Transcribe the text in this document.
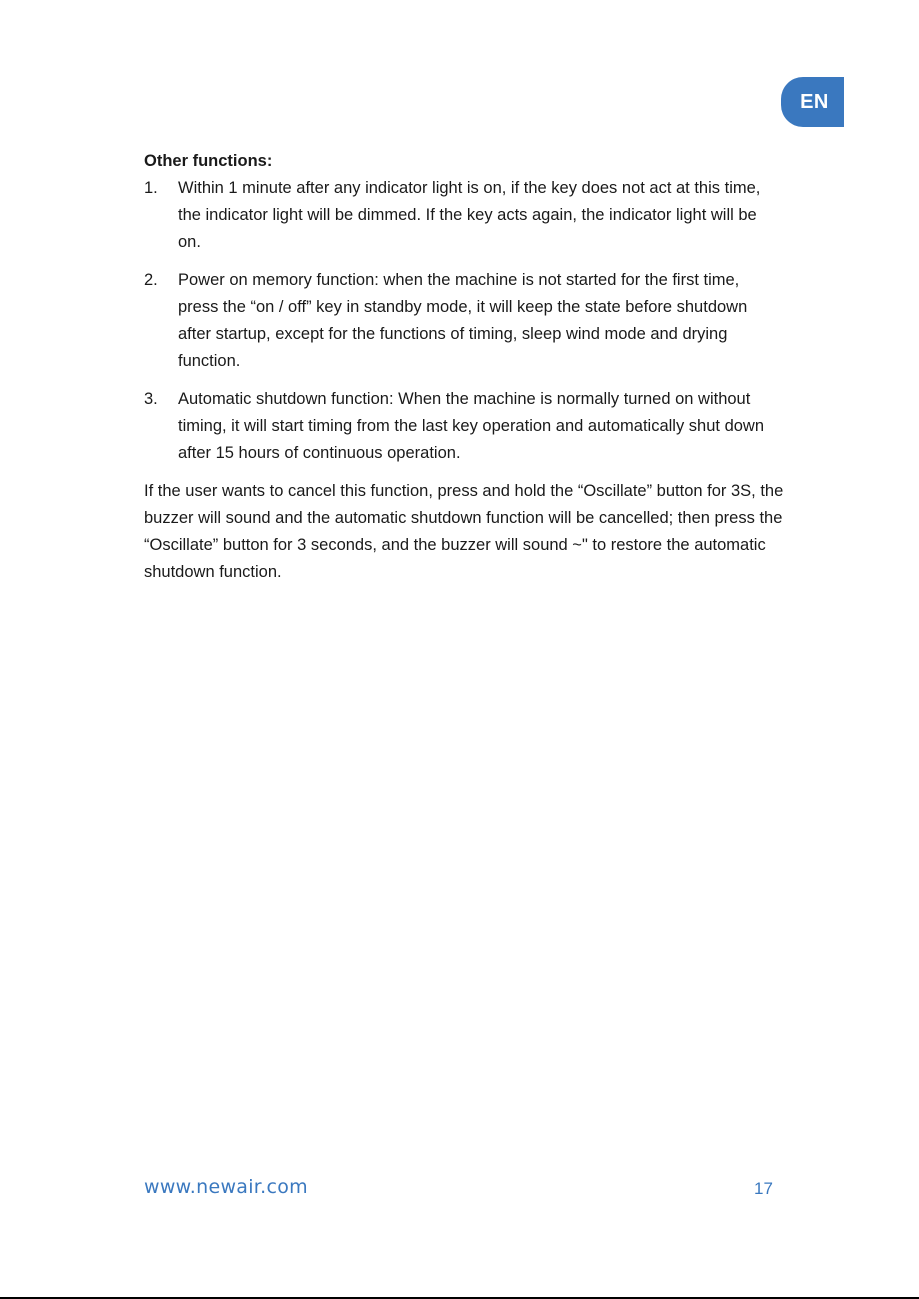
EN
Other functions:
1. Within 1 minute after any indicator light is on, if the key does not act at this time, the indicator light will be dimmed. If the key acts again, the indicator light will be on.
2. Power on memory function: when the machine is not started for the first time, press the “on / off” key in standby mode, it will keep the state before shutdown after startup, except for the functions of timing, sleep wind mode and drying function.
3. Automatic shutdown function: When the machine is normally turned on without timing, it will start timing from the last key operation and automatically shut down after 15 hours of continuous operation.

If the user wants to cancel this function, press and hold the “Oscillate” button for 3S, the buzzer will sound and the automatic shutdown function will be cancelled; then press the “Oscillate” button for 3 seconds, and the buzzer will sound ~" to restore the automatic shutdown function.

www.newair.com	17
